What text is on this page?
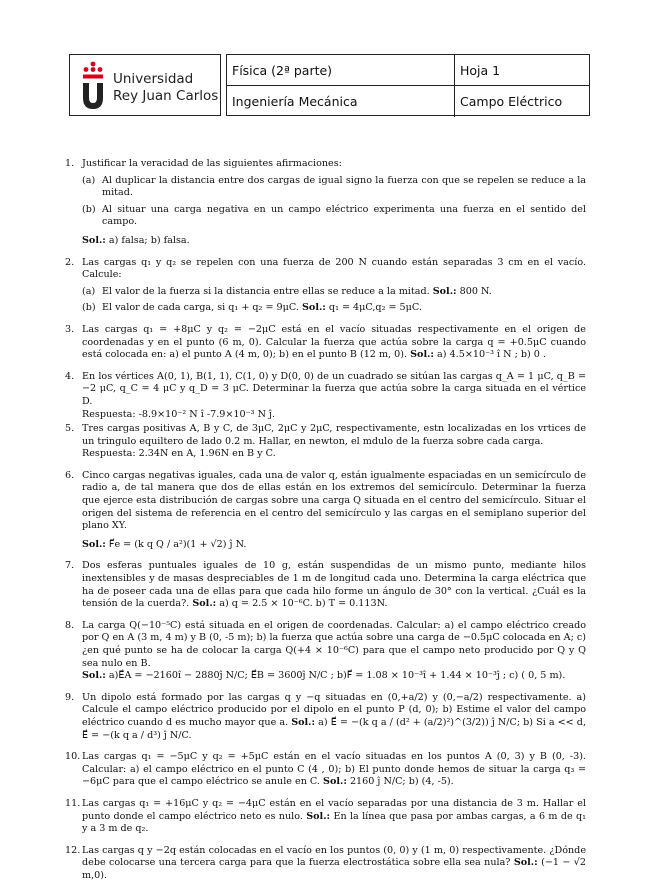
Universidad
Rey Juan Carlos
Física (2ª parte)	Hoja 1
Ingeniería Mecánica	Campo Eléctrico
1. Justificar la veracidad de las siguientes afirmaciones:
(a) Al duplicar la distancia entre dos cargas de igual signo la fuerza con que se repelen se reduce a la mitad.
(b) Al situar una carga negativa en un campo eléctrico experimenta una fuerza en el sentido del campo.
Sol.: a) falsa; b) falsa.
2. Las cargas q₁ y q₂ se repelen con una fuerza de 200 N cuando están separadas 3 cm en el vacío. Calcule:
(a) El valor de la fuerza si la distancia entre ellas se reduce a la mitad. Sol.: 800 N.
(b) El valor de cada carga, si q₁ + q₂ = 9μC. Sol.: q₁ = 4μC,q₂ = 5μC.
3. Las cargas q₁ = +8μC y q₂ = −2μC está en el vacío situadas respectivamente en el origen de coordenadas y en el punto (6 m, 0). Calcular la fuerza que actúa sobre la carga q = +0.5μC cuando está colocada en: a) el punto A (4 m, 0); b) en el punto B (12 m, 0). Sol.: a) 4.5×10⁻³ î N ; b) 0 .
4. En los vértices A(0, 1), B(1, 1), C(1, 0) y D(0, 0) de un cuadrado se sitúan las cargas q_A = 1 μC, q_B = −2 μC, q_C = 4 μC y q_D = 3 μC. Determinar la fuerza que actúa sobre la carga situada en el vértice D.
Respuesta: -8.9×10⁻² N î -7.9×10⁻³ N ĵ.
5. Tres cargas positivas A, B y C, de 3μC, 2μC y 2μC, respectivamente, estn localizadas en los vrtices de un tringulo equiltero de lado 0.2 m. Hallar, en newton, el mdulo de la fuerza sobre cada carga.
Respuesta: 2.34N en A, 1.96N en B y C.
6. Cinco cargas negativas iguales, cada una de valor q, están igualmente espaciadas en un semicírculo de radio a, de tal manera que dos de ellas están en los extremos del semicírculo. Determinar la fuerza que ejerce esta distribución de cargas sobre una carga Q situada en el centro del semicírculo. Situar el origen del sistema de referencia en el centro del semicírculo y las cargas en el semiplano superior del plano XY.
Sol.: F⃗e = (k q Q / a²)(1 + √2) ĵ N.
7. Dos esferas puntuales iguales de 10 g, están suspendidas de un mismo punto, mediante hilos inextensibles y de masas despreciables de 1 m de longitud cada uno. Determina la carga eléctrica que ha de poseer cada una de ellas para que cada hilo forme un ángulo de 30° con la vertical. ¿Cuál es la tensión de la cuerda?. Sol.: a) q = 2.5 × 10⁻⁶C. b) T = 0.113N.
8. La carga Q(−10⁻⁵C) está situada en el origen de coordenadas. Calcular: a) el campo eléctrico creado por Q en A (3 m, 4 m) y B (0, -5 m); b) la fuerza que actúa sobre una carga de −0.5μC colocada en A; c) ¿en qué punto se ha de colocar la carga Q(+4 × 10⁻⁶C) para que el campo neto producido por Q y Q sea nulo en B.
Sol.: a)E⃗A = −2160î − 2880ĵ N/C; E⃗B = 3600ĵ N/C ; b)F⃗ = 1.08 × 10⁻³î + 1.44 × 10⁻³ĵ ; c) ( 0, 5 m).
9. Un dipolo está formado por las cargas q y −q situadas en (0,+a/2) y (0,−a/2) respectivamente. a) Calcule el campo eléctrico producido por el dipolo en el punto P (d, 0); b) Estime el valor del campo eléctrico cuando d es mucho mayor que a. Sol.: a) E⃗ = −(k q a / (d² + (a/2)²)^(3/2)) ĵ N/C; b) Si a << d, E⃗ = −(k q a / d³) ĵ N/C.
10. Las cargas q₁ = −5μC y q₂ = +5μC están en el vacío situadas en los puntos A (0, 3) y B (0, -3). Calcular: a) el campo eléctrico en el punto C (4 , 0); b) El punto donde hemos de situar la carga q₃ = −6μC para que el campo eléctrico se anule en C. Sol.: 2160 ĵ N/C; b) (4, -5).
11. Las cargas q₁ = +16μC y q₂ = −4μC están en el vacío separadas por una distancia de 3 m. Hallar el punto donde el campo eléctrico neto es nulo. Sol.: En la línea que pasa por ambas cargas, a 6 m de q₁ y a 3 m de q₂.
12. Las cargas q y −2q están colocadas en el vacío en los puntos (0, 0) y (1 m, 0) respectivamente. ¿Dónde debe colocarse una tercera carga para que la fuerza electrostática sobre ella sea nula? Sol.: (−1 − √2 m,0).
